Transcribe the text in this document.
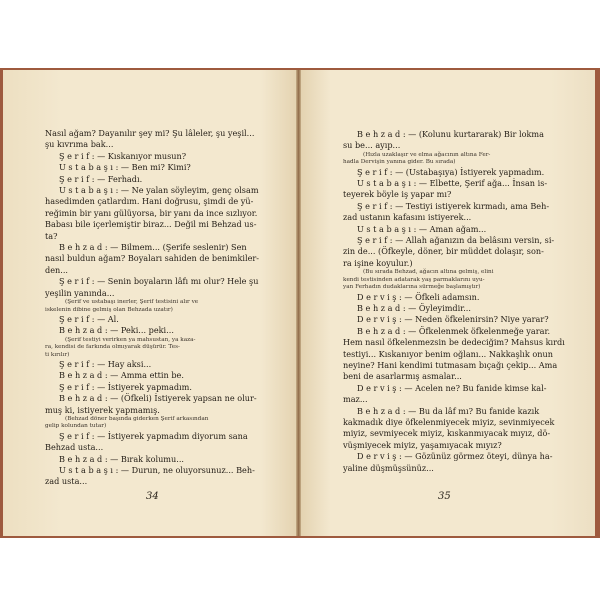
Nasıl ağam? Dayanılır şey mi? Şu lâleler, şu yeşil...
şu kıvrıma bak...
Ş e r i f : — Kıskanıyor musun?
U s t a b a ş ı : — Ben mi? Kimi?
Ş e r i f : — Ferhadı.
U s t a b a ş ı : — Ne yalan söyleyim, genç olsam
hasedimden çatlardım. Hani doğrusu, şimdi de yü-
reğimin bir yanı gülüyorsa, bir yanı da ince sızlıyor.
Babası bile içerlemiştir biraz... Değil mi Behzad us-
ta?
B e h z a d : — Bilmem... (Şerife seslenir) Sen
nasıl buldun ağam? Boyaları sahiden de benimkiler-
den...
Ş e r i f : — Senin boyaların lâfı mı olur? Hele şu
yeşilin yanında...
(Şerif ve ustabaşı inerler, Şerif testisini alır ve
iskelenin dibine gelmiş olan Behzada uzatır)
Ş e r i f : — Al.
B e h z a d : — Peki... peki...
(Şerif testiyi verirken ya mahsustan, ya kaza-
ra, kendisi de farkında olmıyarak düşürür. Tes-
ti kırılır)
Ş e r i f : — Hay aksi...
B e h z a d : — Amma ettin be.
Ş e r i f : — İstiyerek yapmadım.
B e h z a d : — (Öfkeli) İstiyerek yapsan ne olur-
muş ki, istiyerek yapmamış.
(Behzad döner başında giderken Şerif arkasından
gelip kolundan tutar)
Ş e r i f : — İstiyerek yapmadım diyorum sana
Behzad usta...
B e h z a d : — Bırak kolumu...
U s t a b a ş ı : — Durun, ne oluyorsunuz... Beh-
zad usta...
34
B e h z a d : — (Kolunu kurtararak) Bir lokma
su be... ayıp...
(Hızla uzaklaşır ve elma ağacının altına Fer-
hadla Dervişin yanına gider. Bu sırada)
Ş e r i f : — (Ustabaşıya) İstiyerek yapmadım.
U s t a b a ş ı : — Elbette, Şerif ağa... İnsan is-
teyerek böyle iş yapar mı?
Ş e r i f : — Testiyi istiyerek kırmadı, ama Beh-
zad ustanın kafasını istiyerek...
U s t a b a ş ı : — Aman ağam...
Ş e r i f : — Allah ağanızın da belâsını versin, si-
zin de... (Öfkeyle, döner, bir müddet dolaşır, son-
ra işine koyulur.)
(Bu sırada Behzad, ağacın altına gelmiş, elini
kendi testisinden adatarak yaş parmaklarını uyu-
yan Ferhadın dudaklarına sürmeğe başlamıştır)
D e r v i ş : — Öfkeli adamsın.
B e h z a d : — Öyleyimdir...
D e r v i ş : — Neden öfkelenirsin? Niye yarar?
B e h z a d : — Öfkelenmek öfkelenmeğe yarar.
Hem nasıl öfkelenmezsin be dedeciğim? Mahsus kırdı
testiyi... Kıskanıyor benim oğlanı... Nakkaşlık onun
neyine? Hani kendimi tutmasam bıçağı çekip... Ama
beni de asarlarmış asmalar...
D e r v i ş : — Acelen ne? Bu fanide kimse kal-
maz...
B e h z a d : — Bu da lâf mı? Bu fanide kazık
kakmadık diye öfkelenmiyecek miyiz, sevinmiyecek
miyiz, sevmiyecek miyiz, kıskanmıyacak mıyız, dö-
vüşmiyecek miyiz, yaşamıyacak mıyız?
D e r v i ş : — Gözünüz görmez öteyi, dünya ha-
yaline düşmüşsünüz...
35
